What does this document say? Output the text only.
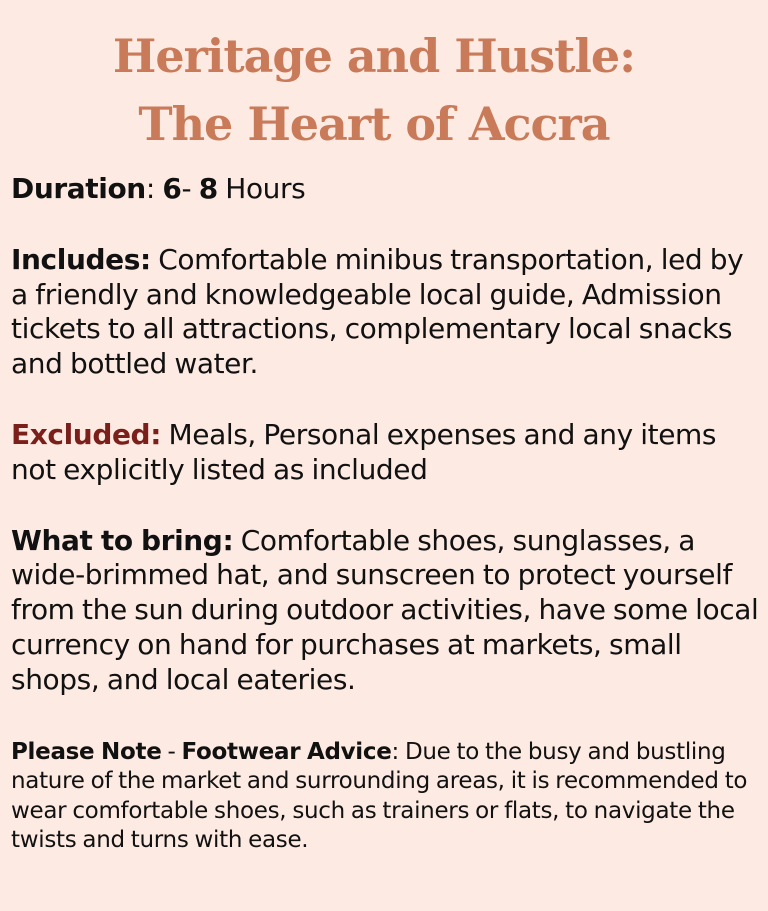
Heritage and Hustle:
The Heart of Accra

Duration: 6- 8 Hours

Includes: Comfortable minibus transportation, led by a friendly and knowledgeable local guide, Admission tickets to all attractions, complementary local snacks and bottled water.

Excluded: Meals, Personal expenses and any items not explicitly listed as included

What to bring: Comfortable shoes, sunglasses, a wide-brimmed hat, and sunscreen to protect yourself from the sun during outdoor activities, have some local currency on hand for purchases at markets, small shops, and local eateries.

Please Note - Footwear Advice: Due to the busy and bustling nature of the market and surrounding areas, it is recommended to wear comfortable shoes, such as trainers or flats, to navigate the twists and turns with ease.
